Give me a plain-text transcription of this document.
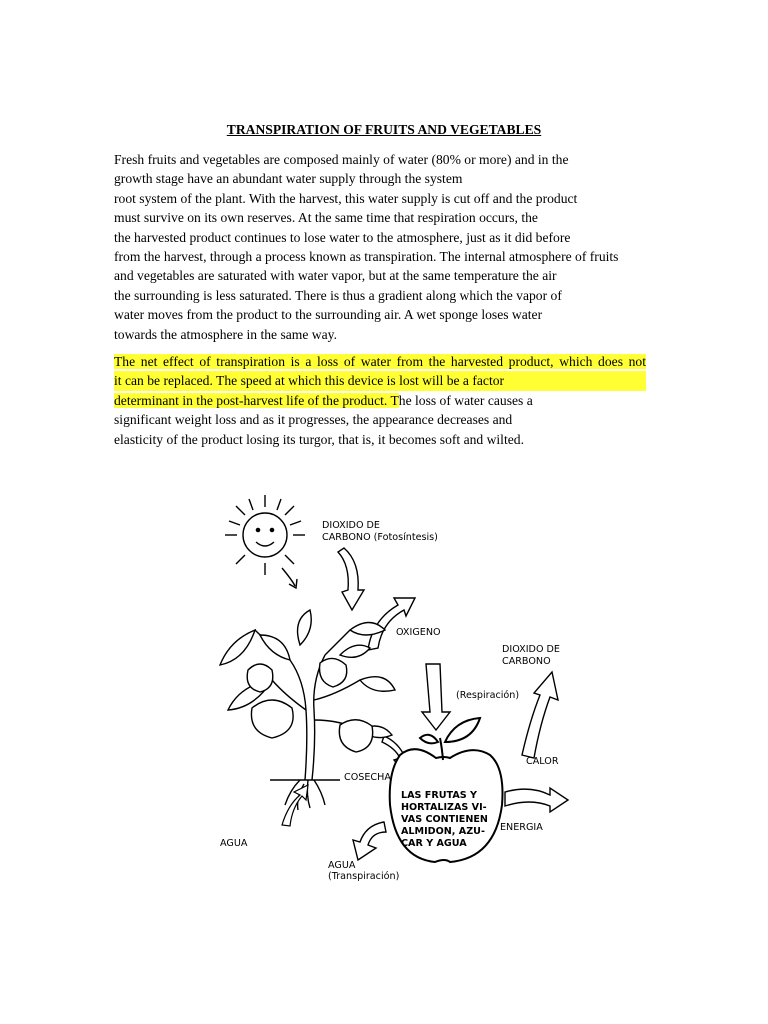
TRANSPIRATION OF FRUITS AND VEGETABLES
Fresh fruits and vegetables are composed mainly of water (80% or more) and in the
growth stage have an abundant water supply through the system
root system of the plant. With the harvest, this water supply is cut off and the product
must survive on its own reserves. At the same time that respiration occurs, the
the harvested product continues to lose water to the atmosphere, just as it did before
from the harvest, through a process known as transpiration. The internal atmosphere of fruits
and vegetables are saturated with water vapor, but at the same temperature the air
the surrounding is less saturated. There is thus a gradient along which the vapor of
water moves from the product to the surrounding air. A wet sponge loses water
towards the atmosphere in the same way.
The net effect of transpiration is a loss of water from the harvested product, which does not
it can be replaced. The speed at which this device is lost will be a factor
determinant in the post-harvest life of the product. The loss of water causes a
significant weight loss and as it progresses, the appearance decreases and
elasticity of the product losing its turgor, that is, it becomes soft and wilted.
DIOXIDO DE
CARBONO (Fotosíntesis)
OXIGENO
DIOXIDO DE
CARBONO
(Respiración)
CALOR
COSECHA
ENERGIA
AGUA
AGUA
(Transpiración)
LAS FRUTAS Y
HORTALIZAS VI-
VAS CONTIENEN
ALMIDON, AZU-
CAR Y AGUA
